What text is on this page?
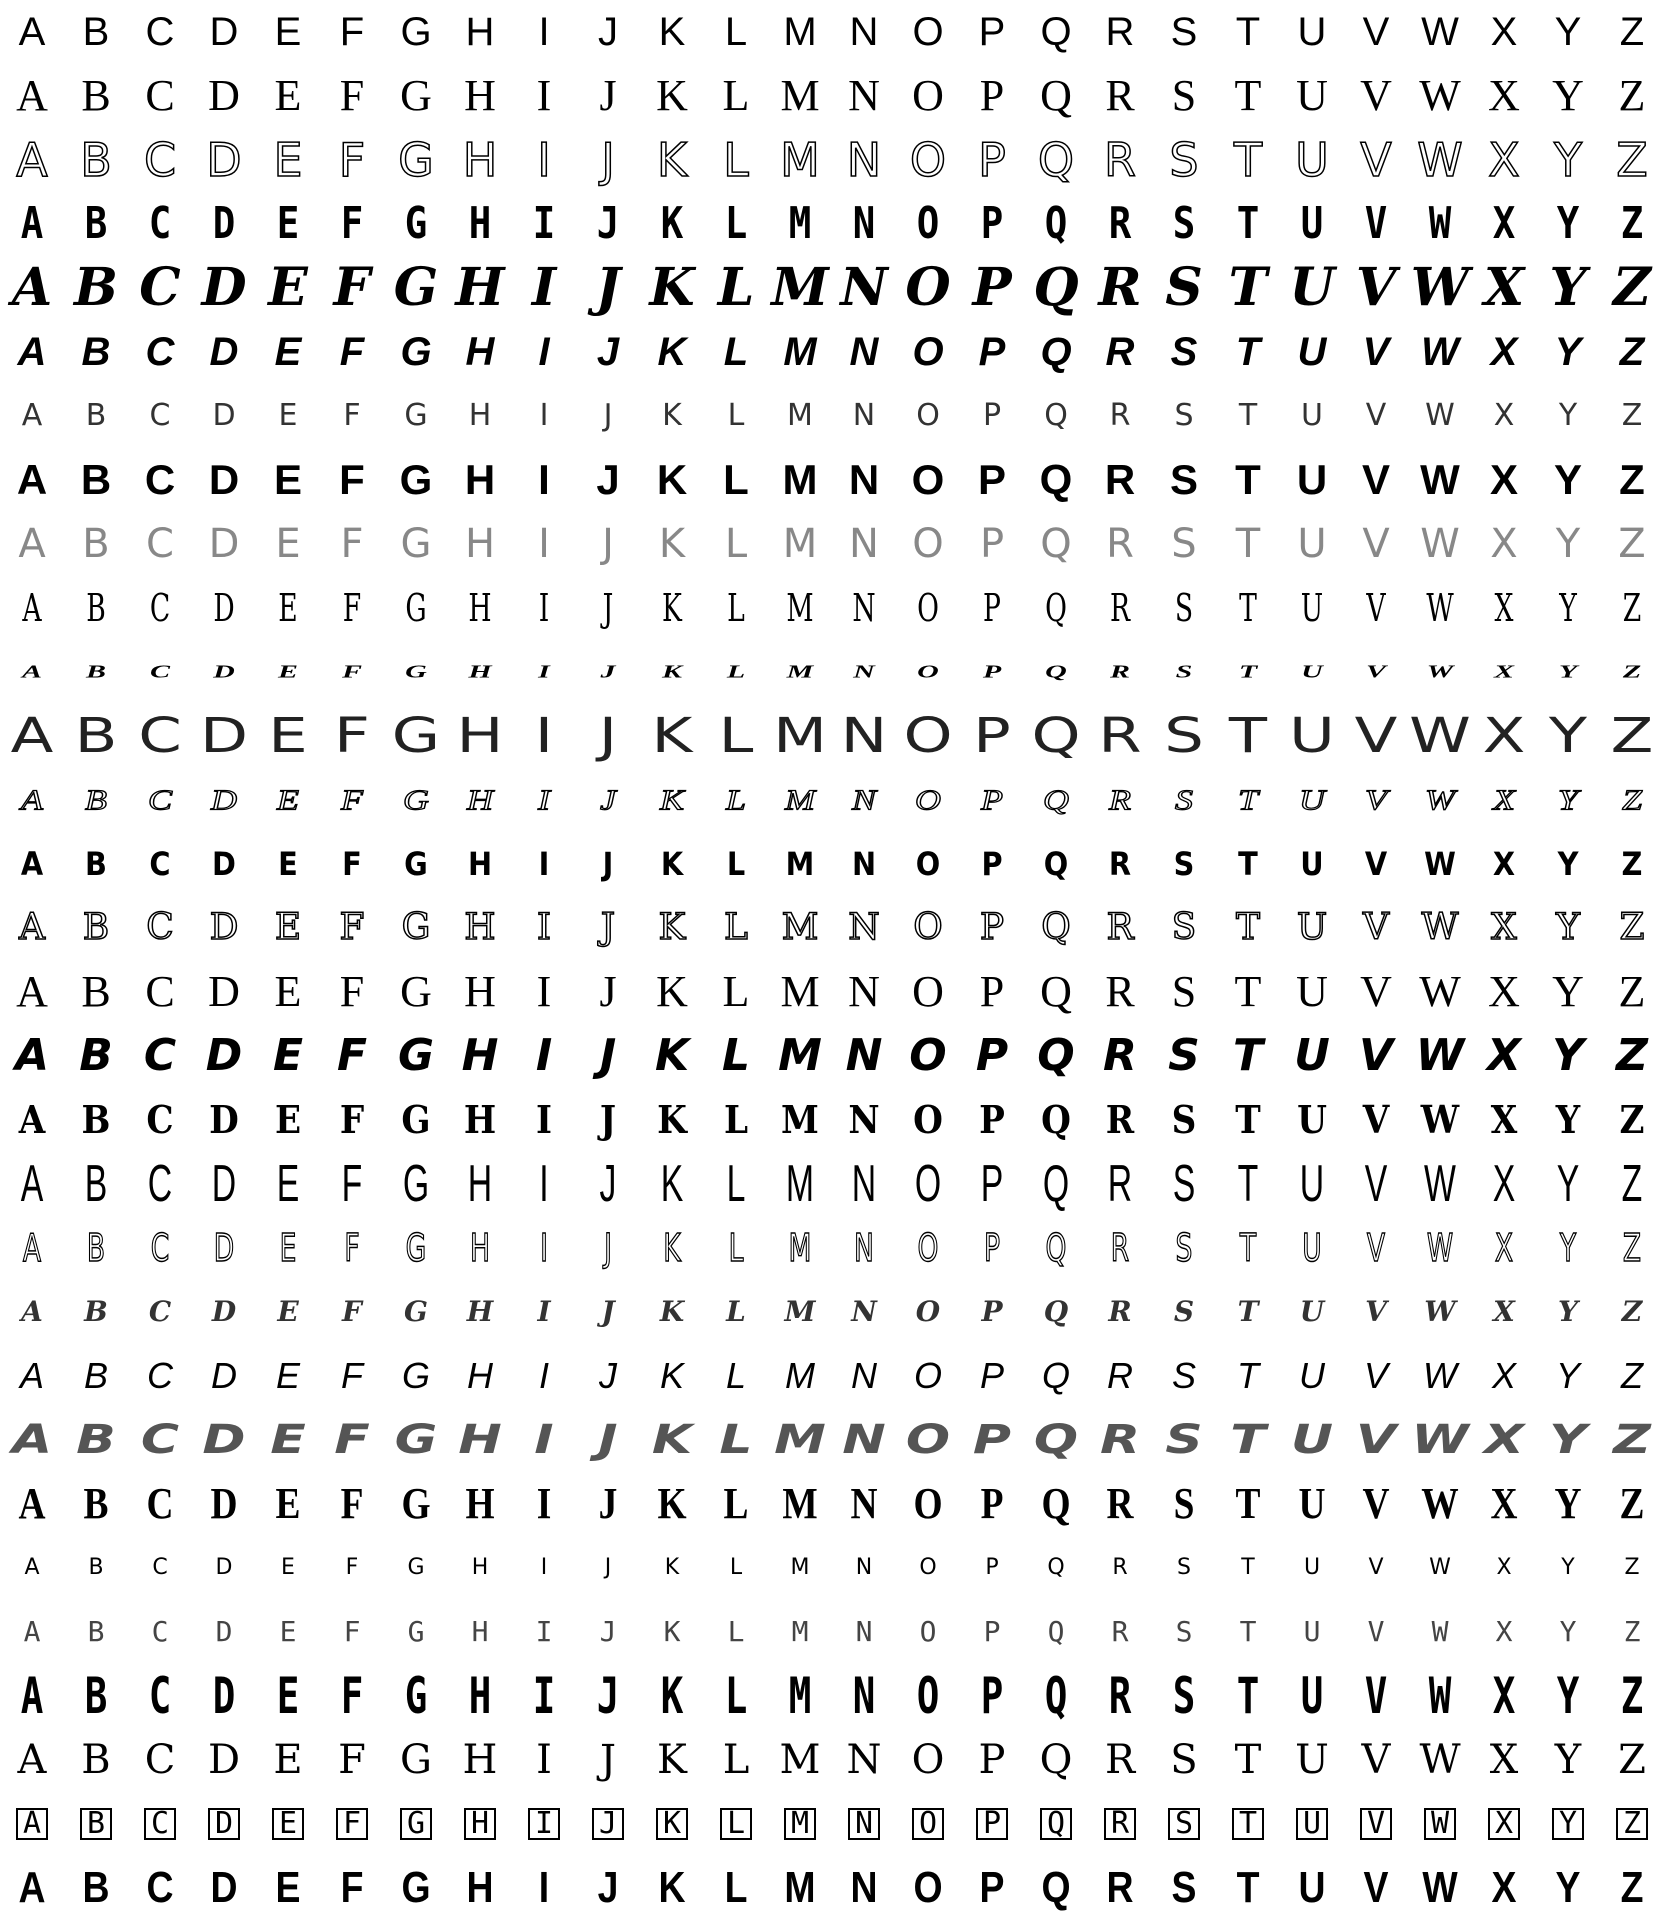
A B C D E F G H	I	J	K L M N O P Q R S T U V W X Y Z
A B C D E F G H I	J K L M N O P Q R S T U V W X Y Z
A B C D E F G H I	J K L M N O P Q R S T U V W X Y Z
A B C D E F G H I J K L M N O P Q R S T U V W X Y Z
A B C D E F G H I J K L M N O P Q R S T U V W X Y Z
A B C D E F G H	I	J K L M N O P Q R S T U V W X Y Z
A	B	C	D	E	F	G	H	I	J	K	L	M	N	O	P	Q	R	S	T	U	V	W	X	Y	Z
A B C D E F G H	I	J K L M N O P Q R S T U V W X Y Z
A B C D E F G H	I	J	K L M N O P Q R S T U V W X Y Z
A	B	C	D	E	F	G	H	I	J	K	L	M N	O	P	Q	R	S	T	U	V	W	X	Y	Z
A	B	C	D	E	F	G	H	I	J	K	L	M	N	O	P	Q	R	S	T	U	V	W	X	Y	Z
A B C D E F G H I J K L M N O P Q R S T U V W X Y Z
A	B	C	D	E	F	G	H	I	J	K	L	M	N	O	P	Q	R	S	T	U	V	W	X	Y	Z
A	B	C	D	E	F	G	H	I	J	K	L	M	N	O	P	Q	R	S	T	U	V	W	X	Y	Z
A	B	C D	E	F	G H	I	J	K	L M N O	P	Q R	S	T	U V W X	Y	Z
A B C D E F G H I	J K L M N O P Q R S T U V W X Y Z
A B C D E F G H I	J K L M N O P Q R S T U V W X Y Z
A B C D E	F G H	I	J	K L M N O P Q R S	T U V W X	Y	Z
A B C D E F G H I J K L M N O P Q R S T U V W X Y Z
A	B	C	D	E	F	G	H	I	J	K	L	M	N	O	P	Q	R	S	T	U	V	W	X	Y	Z
A	B	C	D	E	F	G	H	I	J	K	L	M	N	O	P	Q	R	S	T	U	V	W	X	Y	Z
A	B	C	D	E	F	G	H	I	J	K	L	M	N	O	P	Q	R	S	T	U	V W X	Y	Z
A B C D E F G H I	J K L M N O P Q R S T U V W X Y Z
A B C D E F G H I	J K L M N O P Q R S T U V W X Y Z
A	B	C	D	E	F	G	H	I	J	K	L	M	N	O	P	Q	R	S	T	U	V	W	X	Y	Z
A	B	C	D	E	F	G	H	I	J	K	L	M	N	O	P	Q	R	S	T	U	V	W	X	Y	Z
A B C D E F G H I J K L M N O P Q R S T U V W X Y Z
A B C D E F G H I	J	K L M N O P Q R S T U V W X Y Z
A	B	C	D	E	F	G	H	I	J	K	L	M	N	O	P	Q	R	S	T	U	V	W	X	Y	Z
A B C D E F G H	I	J K L M N O P Q R S T U V W X Y Z
